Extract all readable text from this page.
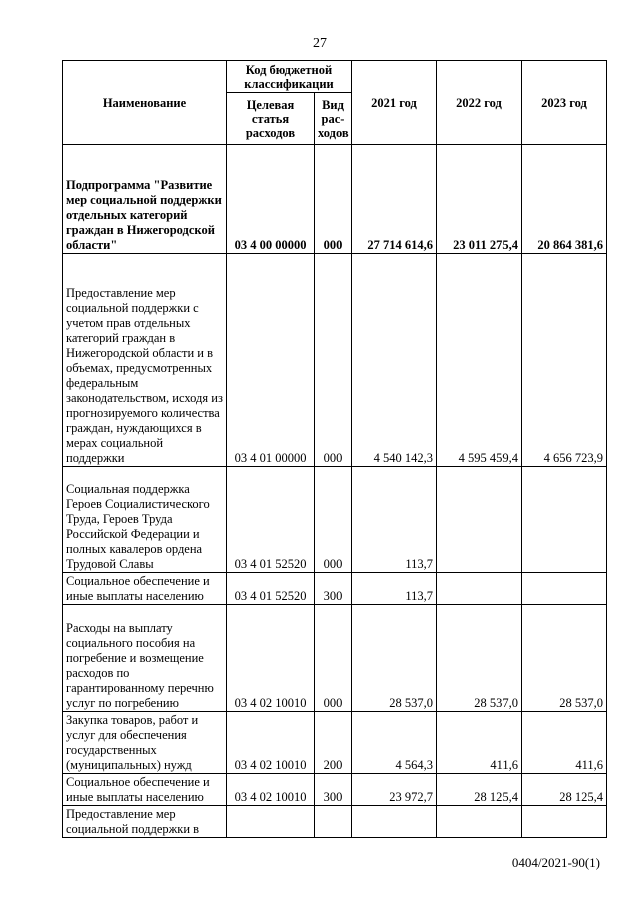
27
Наименование	Код бюджетной классификации		2021 год	2022 год	2023 год
	Целевая статья расходов	Вид рас-ходов			
Подпрограмма "Развитие мер социальной поддержки отдельных категорий граждан в Нижегородской области"	03 4 00 00000	000	27 714 614,6	23 011 275,4	20 864 381,6
Предоставление мер социальной поддержки с учетом прав отдельных категорий граждан в Нижегородской области и в объемах, предусмотренных федеральным законодательством, исходя из прогнозируемого количества граждан, нуждающихся в мерах социальной поддержки	03 4 01 00000	000	4 540 142,3	4 595 459,4	4 656 723,9
Социальная поддержка Героев Социалистического Труда, Героев Труда Российской Федерации и полных кавалеров ордена Трудовой Славы	03 4 01 52520	000	113,7		
Социальное обеспечение и иные выплаты населению	03 4 01 52520	300	113,7		
Расходы на выплату социального пособия на погребение и возмещение расходов по гарантированному перечню услуг по погребению	03 4 02 10010	000	28 537,0	28 537,0	28 537,0
Закупка товаров, работ и услуг для обеспечения государственных (муниципальных) нужд	03 4 02 10010	200	4 564,3	411,6	411,6
Социальное обеспечение и иные выплаты населению	03 4 02 10010	300	23 972,7	28 125,4	28 125,4
Предоставление мер социальной поддержки в					
0404/2021-90(1)
